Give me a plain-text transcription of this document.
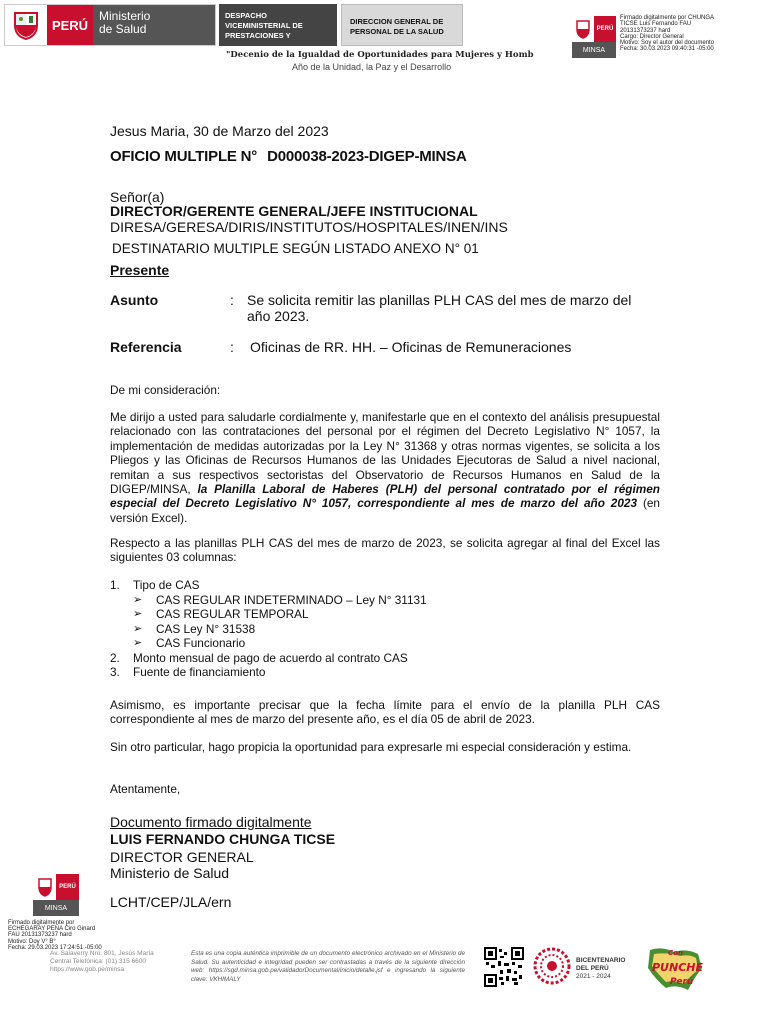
PERÚ
Ministerio
de Salud
DESPACHO VICEMINISTERIAL DE PRESTACIONES Y
DIRECCION GENERAL DE PERSONAL DE LA SALUD
"Decenio de la Igualdad de Oportunidades para Mujeres y Homb
Año de la Unidad, la Paz y el Desarrollo
PERÚ
MINSA
Firmado digitalmente por CHUNGA
TICSE Luis Fernando FAU
20131373237 hard
Cargo: Director General
Motivo: Soy el autor del documento
Fecha: 30.03.2023 09:40:31 -05:00
Jesus Maria, 30 de Marzo del 2023
OFICIO MULTIPLE N° D000038-2023-DIGEP-MINSA
Señor(a)
DIRECTOR/GERENTE GENERAL/JEFE INSTITUCIONAL
DIRESA/GERESA/DIRIS/INSTITUTOS/HOSPITALES/INEN/INS
DESTINATARIO MULTIPLE SEGÚN LISTADO ANEXO N° 01
Presente
Asunto	: Se solicita remitir las planillas PLH CAS del mes de marzo del año 2023.
Referencia	: Oficinas de RR. HH. – Oficinas de Remuneraciones
De mi consideración:
Me dirijo a usted para saludarle cordialmente y, manifestarle que en el contexto del análisis presupuestal relacionado con las contrataciones del personal por el régimen del Decreto Legislativo N° 1057, la implementación de medidas autorizadas por la Ley N° 31368 y otras normas vigentes, se solicita a los Pliegos y las Oficinas de Recursos Humanos de las Unidades Ejecutoras de Salud a nivel nacional, remitan a sus respectivos sectoristas del Observatorio de Recursos Humanos en Salud de la DIGEP/MINSA, la Planilla Laboral de Haberes (PLH) del personal contratado por el régimen especial del Decreto Legislativo N° 1057, correspondiente al mes de marzo del año 2023 (en versión Excel).
Respecto a las planillas PLH CAS del mes de marzo de 2023, se solicita agregar al final del Excel las siguientes 03 columnas:
1.	Tipo de CAS
➢	CAS REGULAR INDETERMINADO – Ley N° 31131
➢	CAS REGULAR TEMPORAL
➢	CAS Ley N° 31538
➢	CAS Funcionario
2.	Monto mensual de pago de acuerdo al contrato CAS
3.	Fuente de financiamiento
Asimismo, es importante precisar que la fecha límite para el envío de la planilla PLH CAS correspondiente al mes de marzo del presente año, es el día 05 de abril de 2023.
Sin otro particular, hago propicia la oportunidad para expresarle mi especial consideración y estima.
Atentamente,
Documento firmado digitalmente
LUIS FERNANDO CHUNGA TICSE
DIRECTOR GENERAL
Ministerio de Salud
LCHT/CEP/JLA/ern
PERÚ
MINSA
Firmado digitalmente por
ECHEGARAY PEÑA Ciro Ginard
FAU 20131373237 hard
Motivo: Doy V° B°
Fecha: 29.03.2023 17:24:51 -05:00
Av. Salaverry Nro. 801, Jesús María
Central Telefónica: (01) 315 6600
https://www.gob.pe/minsa
Esta es una copia auténtica imprimible de un documento electrónico archivado en el Ministerio de Salud. Su autenticidad e integridad pueden ser contrastadas a través de la siguiente dirección web: https://sgd.minsa.gob.pe/validadorDocumental/inicio/detalle.jsf e ingresando la siguiente clave: VKHIMALY
BICENTENARIO
DEL PERÚ
2021 - 2024
Con
PUNCHE
Perú
